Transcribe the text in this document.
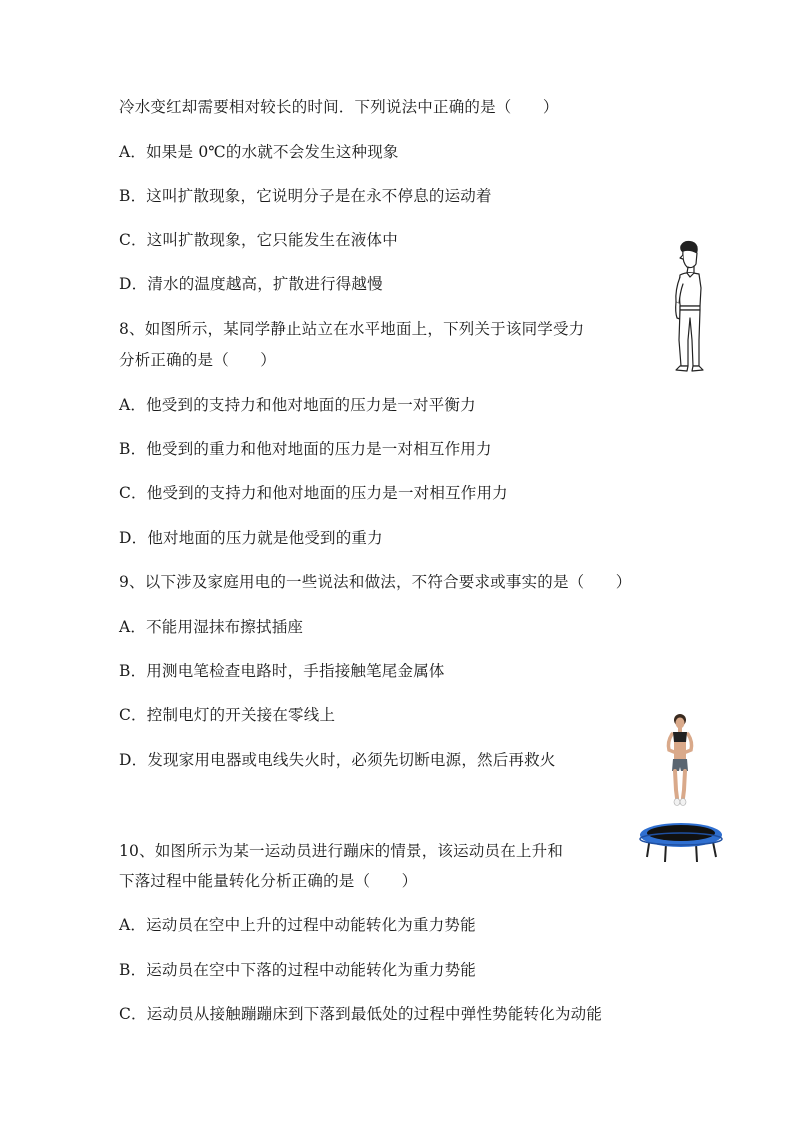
冷水变红却需要相对较长的时间．下列说法中正确的是（　　）
A．如果是 0℃的水就不会发生这种现象
B．这叫扩散现象，它说明分子是在永不停息的运动着
C．这叫扩散现象，它只能发生在液体中
D．清水的温度越高，扩散进行得越慢
8、如图所示，某同学静止站立在水平地面上，下列关于该同学受力
分析正确的是（　　）
A．他受到的支持力和他对地面的压力是一对平衡力
B．他受到的重力和他对地面的压力是一对相互作用力
C．他受到的支持力和他对地面的压力是一对相互作用力
D．他对地面的压力就是他受到的重力
9、以下涉及家庭用电的一些说法和做法，不符合要求或事实的是（　　）
A．不能用湿抹布擦拭插座
B．用测电笔检查电路时，手指接触笔尾金属体
C．控制电灯的开关接在零线上
D．发现家用电器或电线失火时，必须先切断电源，然后再救火
10、如图所示为某一运动员进行蹦床的情景，该运动员在上升和
下落过程中能量转化分析正确的是（　　）
A．运动员在空中上升的过程中动能转化为重力势能
B．运动员在空中下落的过程中动能转化为重力势能
C．运动员从接触蹦蹦床到下落到最低处的过程中弹性势能转化为动能
